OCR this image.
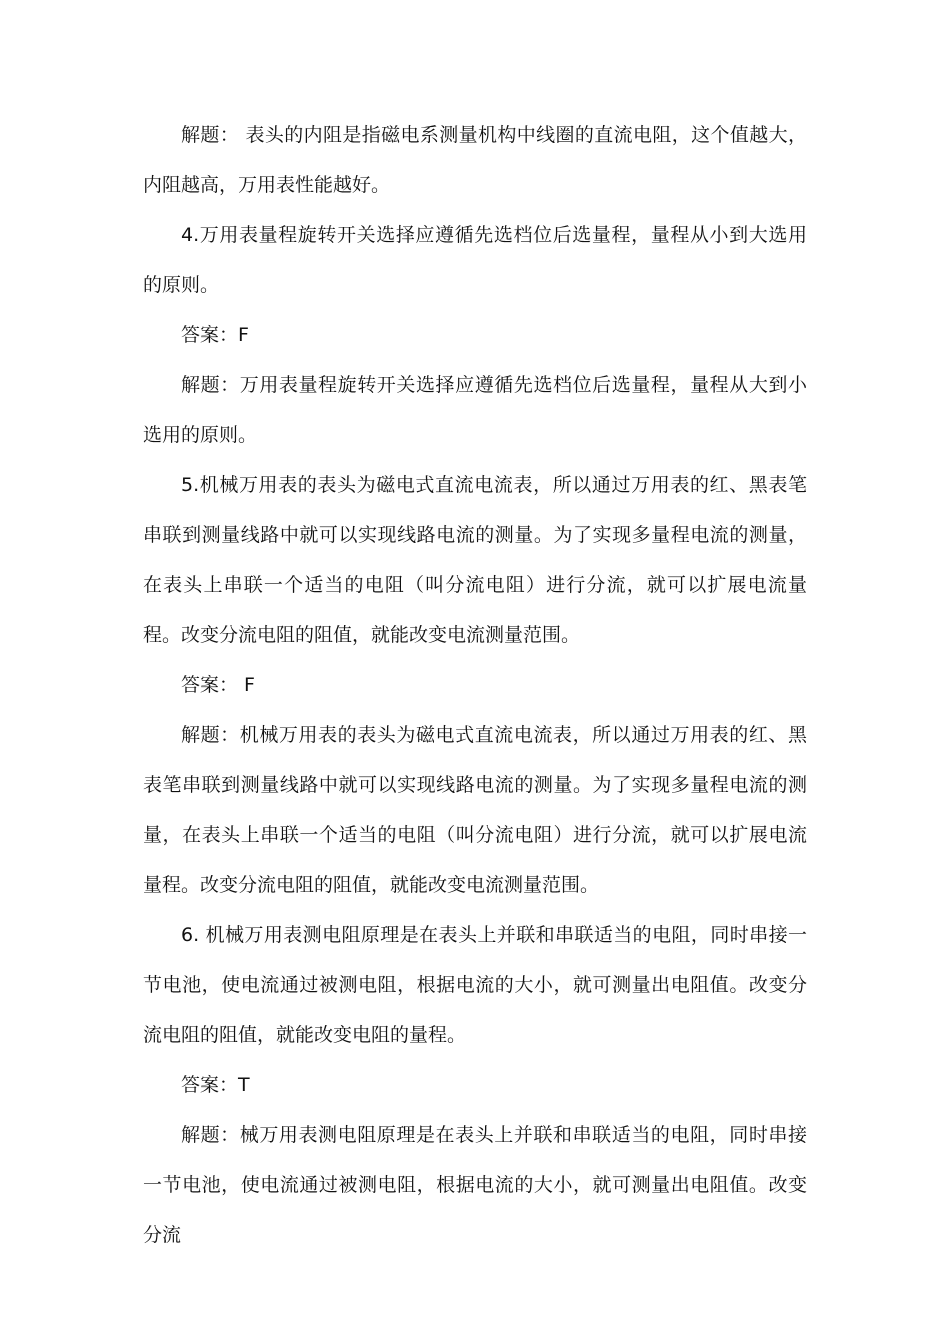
解题： 表头的内阻是指磁电系测量机构中线圈的直流电阻，这个值越大，内阻越高，万用表性能越好。

4.万用表量程旋转开关选择应遵循先选档位后选量程，量程从小到大选用的原则。

答案：F

解题：万用表量程旋转开关选择应遵循先选档位后选量程，量程从大到小选用的原则。

5.机械万用表的表头为磁电式直流电流表，所以通过万用表的红、黑表笔串联到测量线路中就可以实现线路电流的测量。为了实现多量程电流的测量，在表头上串联一个适当的电阻（叫分流电阻）进行分流，就可以扩展电流量程。改变分流电阻的阻值，就能改变电流测量范围。

答案： F

解题：机械万用表的表头为磁电式直流电流表，所以通过万用表的红、黑表笔串联到测量线路中就可以实现线路电流的测量。为了实现多量程电流的测量，在表头上串联一个适当的电阻（叫分流电阻）进行分流，就可以扩展电流量程。改变分流电阻的阻值，就能改变电流测量范围。

6. 机械万用表测电阻原理是在表头上并联和串联适当的电阻，同时串接一节电池，使电流通过被测电阻，根据电流的大小，就可测量出电阻值。改变分流电阻的阻值，就能改变电阻的量程。

答案：T

解题：械万用表测电阻原理是在表头上并联和串联适当的电阻，同时串接一节电池，使电流通过被测电阻，根据电流的大小，就可测量出电阻值。改变分流
